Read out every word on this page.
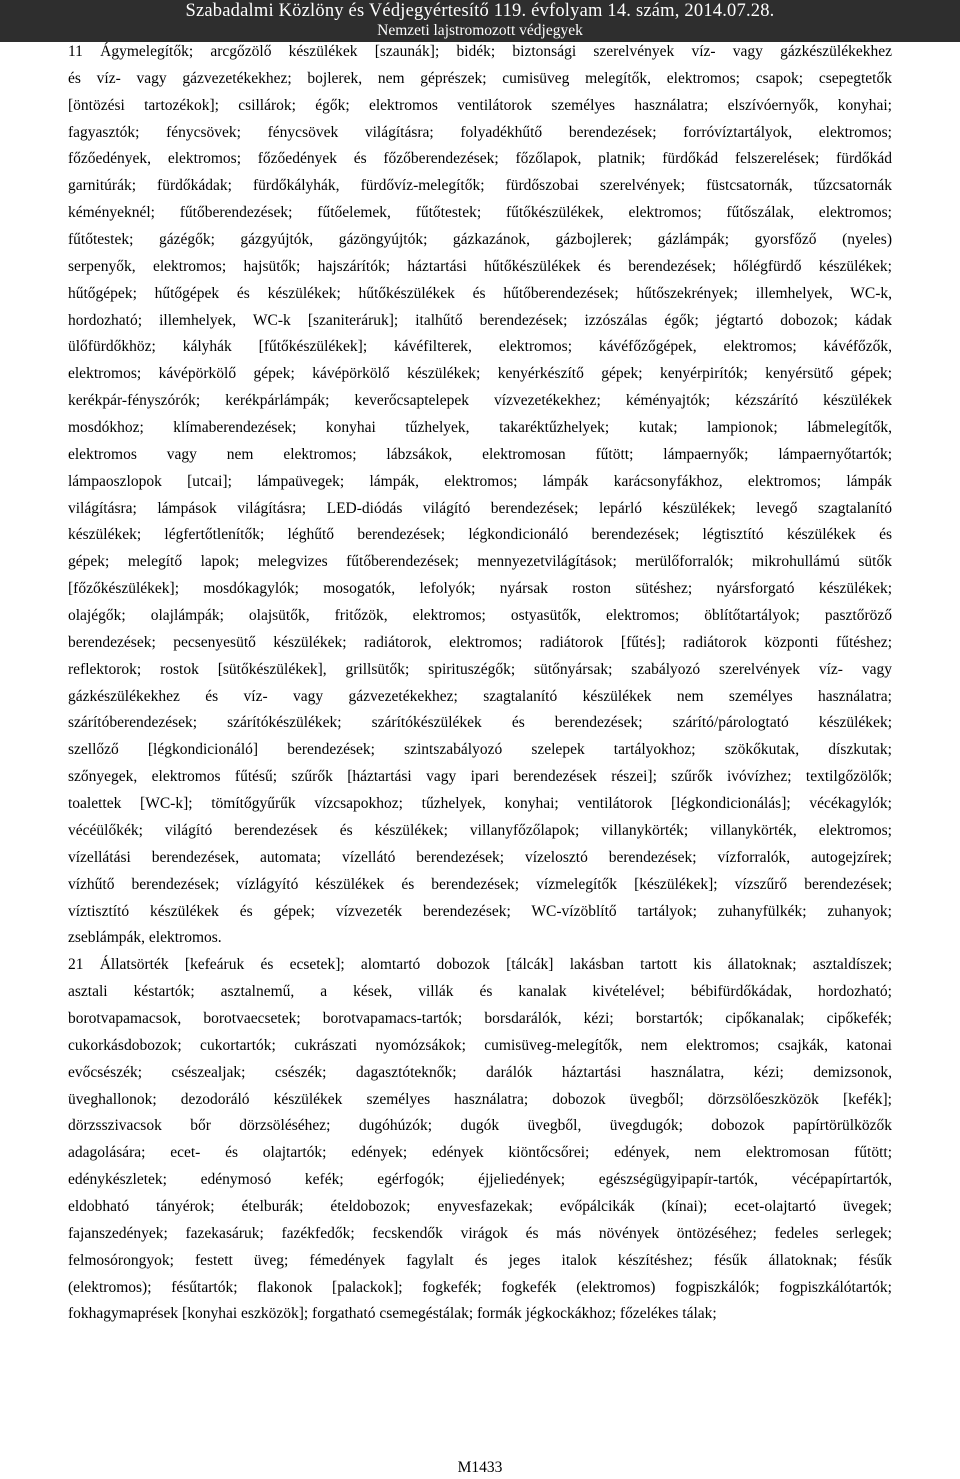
Szabadalmi Közlöny és Védjegyértesítő 119. évfolyam 14. szám, 2014.07.28.
Nemzeti lajstromozott védjegyek
11 Ágymelegítők; arcgőzölő készülékek [szaunák]; bidék; biztonsági szerelvények víz- vagy gázkészülékekhez
és víz- vagy gázvezetékekhez; bojlerek, nem géprészek; cumisüveg melegítők, elektromos; csapok; csepegtetők
[öntözési tartozékok]; csillárok; égők; elektromos ventilátorok személyes használatra; elszívóernyők, konyhai;
fagyasztók; fénycsövek; fénycsövek világításra; folyadékhűtő berendezések; forróvíztartályok, elektromos;
főzőedények, elektromos; főzőedények és főzőberendezések; főzőlapok, platnik; fürdőkád felszerelések; fürdőkád
garnitúrák; fürdőkádak; fürdőkályhák, fürdővíz-melegítők; fürdőszobai szerelvények; füstcsatornák, tűzcsatornák
kéményeknél; fűtőberendezések; fűtőelemek, fűtőtestek; fűtőkészülékek, elektromos; fűtőszálak, elektromos;
fűtőtestek; gázégők; gázgyújtók, gázöngyújtók; gázkazánok, gázbojlerek; gázlámpák; gyorsfőző (nyeles)
serpenyők, elektromos; hajsütők; hajszárítók; háztartási hűtőkészülékek és berendezések; hőlégfürdő készülékek;
hűtőgépek; hűtőgépek és készülékek; hűtőkészülékek és hűtőberendezések; hűtőszekrények; illemhelyek, WC-k,
hordozható; illemhelyek, WC-k [szaniteráruk]; italhűtő berendezések; izzószálas égők; jégtartó dobozok; kádak
ülőfürdőkhöz; kályhák [fűtőkészülékek]; kávéfilterek, elektromos; kávéfőzőgépek, elektromos; kávéfőzők,
elektromos; kávépörkölő gépek; kávépörkölő készülékek; kenyérkészítő gépek; kenyérpirítók; kenyérsütő gépek;
kerékpár-fényszórók; kerékpárlámpák; keverőcsaptelepek vízvezetékekhez; kéményajtók; kézszárító készülékek
mosdókhoz; klímaberendezések; konyhai tűzhelyek, takaréktűzhelyek; kutak; lampionok; lábmelegítők,
elektromos vagy nem elektromos; lábzsákok, elektromosan fűtött; lámpaernyők; lámpaernyőtartók;
lámpaoszlopok [utcai]; lámpaüvegek; lámpák, elektromos; lámpák karácsonyfákhoz, elektromos; lámpák
világításra; lámpások világításra; LED-diódás világító berendezések; lepárló készülékek; levegő szagtalanító
készülékek; légfertőtlenítők; léghűtő berendezések; légkondicionáló berendezések; légtisztító készülékek és
gépek; melegítő lapok; melegvizes fűtőberendezések; mennyezetvilágítások; merülőforralók; mikrohullámú sütők
[főzőkészülékek]; mosdókagylók; mosogatók, lefolyók; nyársak roston sütéshez; nyársforgató készülékek;
olajégők; olajlámpák; olajsütők, fritőzök, elektromos; ostyasütők, elektromos; öblítőtartályok; pasztőröző
berendezések; pecsenyesütő készülékek; radiátorok, elektromos; radiátorok [fűtés]; radiátorok központi fűtéshez;
reflektorok; rostok [sütőkészülékek], grillsütők; spirituszégők; sütőnyársak; szabályozó szerelvények víz- vagy
gázkészülékekhez és víz- vagy gázvezetékekhez; szagtalanító készülékek nem személyes használatra;
szárítóberendezések; szárítókészülékek; szárítókészülékek és berendezések; szárító/párologtató készülékek;
szellőző [légkondicionáló] berendezések; szintszabályozó szelepek tartályokhoz; szökőkutak, díszkutak;
szőnyegek, elektromos fűtésű; szűrők [háztartási vagy ipari berendezések részei]; szűrők ivóvízhez; textilgőzölők;
toalettek [WC-k]; tömítőgyűrűk vízcsapokhoz; tűzhelyek, konyhai; ventilátorok [légkondicionálás]; vécékagylók;
vécéülőkék; világító berendezések és készülékek; villanyfőzőlapok; villanykörték; villanykörték, elektromos;
vízellátási berendezések, automata; vízellátó berendezések; vízelosztó berendezések; vízforralók, autogejzírek;
vízhűtő berendezések; vízlágyító készülékek és berendezések; vízmelegítők [készülékek]; vízszűrő berendezések;
víztisztító készülékek és gépek; vízvezeték berendezések; WC-vízöblítő tartályok; zuhanyfülkék; zuhanyok;
zseblámpák, elektromos.
21 Állatsörték [kefeáruk és ecsetek]; alomtartó dobozok [tálcák] lakásban tartott kis állatoknak; asztaldíszek;
asztali késtartók; asztalnemű, a kések, villák és kanalak kivételével; bébifürdőkádak, hordozható;
borotvapamacsok, borotvaecsetek; borotvapamacs-tartók; borsdarálók, kézi; borstartók; cipőkanalak; cipőkefék;
cukorkásdobozok; cukortartók; cukrászati nyomózsákok; cumisüveg-melegítők, nem elektromos; csajkák, katonai
evőcsészék; csészealjak; csészék; dagasztóteknők; darálók háztartási használatra, kézi; demizsonok,
üveghallonok; dezodoráló készülékek személyes használatra; dobozok üvegből; dörzsölőeszközök [kefék];
dörzsszivacsok bőr dörzsöléséhez; dugóhúzók; dugók üvegből, üvegdugók; dobozok papírtörülközők
adagolására; ecet- és olajtartók; edények; edények kiöntőcsőrei; edények, nem elektromosan fűtött;
edénykészletek; edénymosó kefék; egérfogók; éjjeliedények; egészségügyipapír-tartók, vécépapírtartók,
eldobható tányérok; ételburák; ételdobozok; enyvesfazekak; evőpálcikák (kínai); ecet-olajtartó üvegek;
fajanszedények; fazekasáruk; fazékfedők; fecskendők virágok és más növények öntözéséhez; fedeles serlegek;
felmosórongyok; festett üveg; fémedények fagylalt és jeges italok készítéshez; fésűk állatoknak; fésűk
(elektromos); fésűtartók; flakonok [palackok]; fogkefék; fogkefék (elektromos) fogpiszkálók; fogpiszkálótartók;
fokhagymaprések [konyhai eszközök]; forgatható csemegéstálak; formák jégkockákhoz; főzelékes tálak;
M1433
